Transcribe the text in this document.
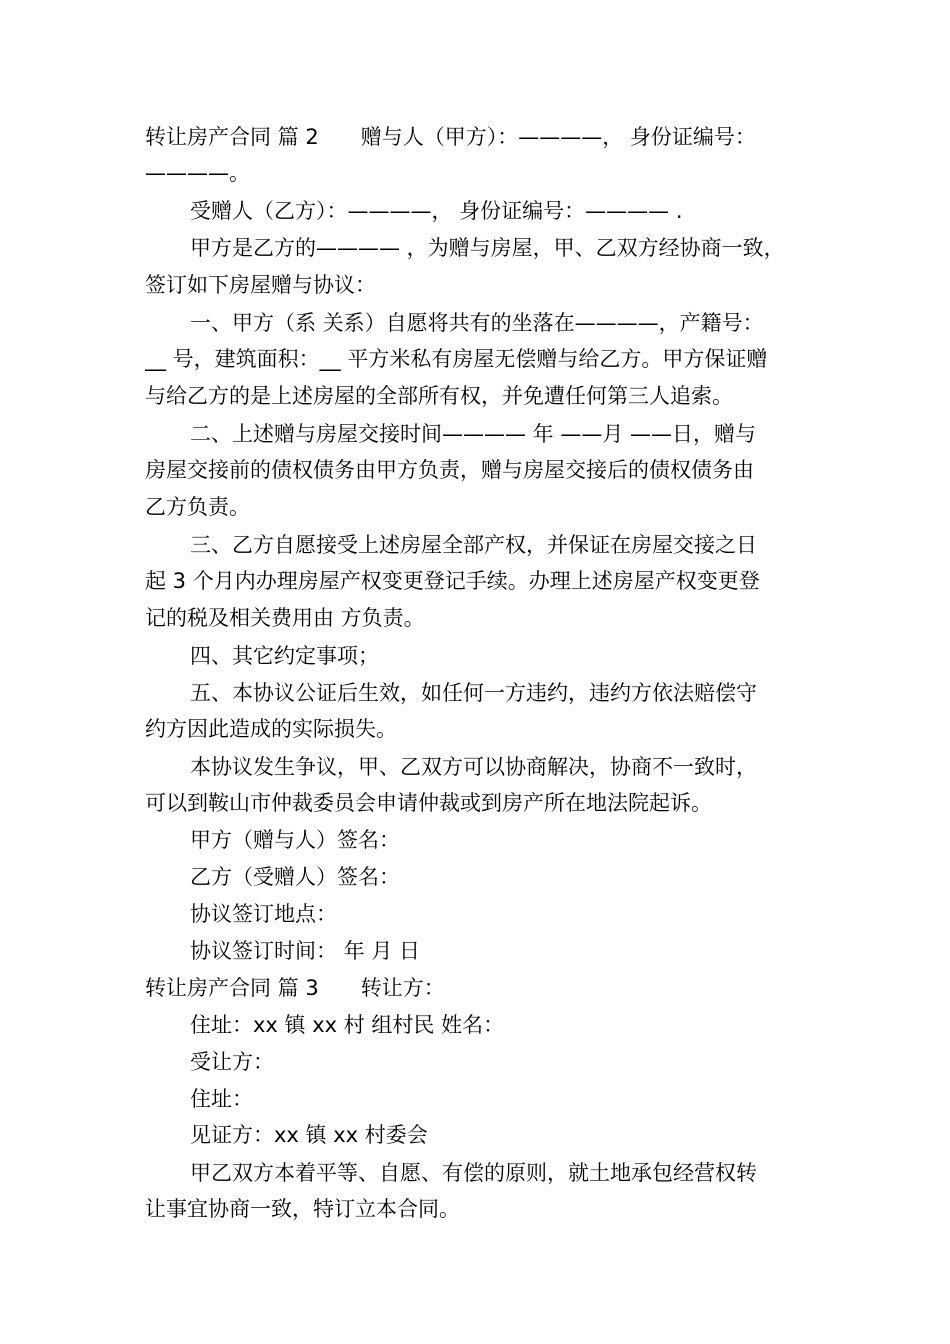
转让房产合同 篇 2　　赠与人（甲方）：————， 身份证编号：
————。
受赠人（乙方）：————， 身份证编号：———— .
甲方是乙方的———— ，为赠与房屋，甲、乙双方经协商一致，
签订如下房屋赠与协议：
一、甲方（系 关系）自愿将共有的坐落在————，产籍号：
__ 号，建筑面积：__ 平方米私有房屋无偿赠与给乙方。甲方保证赠
与给乙方的是上述房屋的全部所有权，并免遭任何第三人追索。
二、上述赠与房屋交接时间———— 年 ——月 ——日，赠与
房屋交接前的债权债务由甲方负责，赠与房屋交接后的债权债务由
乙方负责。
三、乙方自愿接受上述房屋全部产权，并保证在房屋交接之日
起 3 个月内办理房屋产权变更登记手续。办理上述房屋产权变更登
记的税及相关费用由 方负责。
四、其它约定事项；
五、本协议公证后生效，如任何一方违约，违约方依法赔偿守
约方因此造成的实际损失。
本协议发生争议，甲、乙双方可以协商解决，协商不一致时，
可以到鞍山市仲裁委员会申请仲裁或到房产所在地法院起诉。
甲方（赠与人）签名：
乙方（受赠人）签名：
协议签订地点：
协议签订时间： 年 月 日
转让房产合同 篇 3　　转让方：
住址：xx 镇 xx 村 组村民 姓名：
受让方：
住址：
见证方：xx 镇 xx 村委会
甲乙双方本着平等、自愿、有偿的原则，就土地承包经营权转
让事宜协商一致，特订立本合同。
